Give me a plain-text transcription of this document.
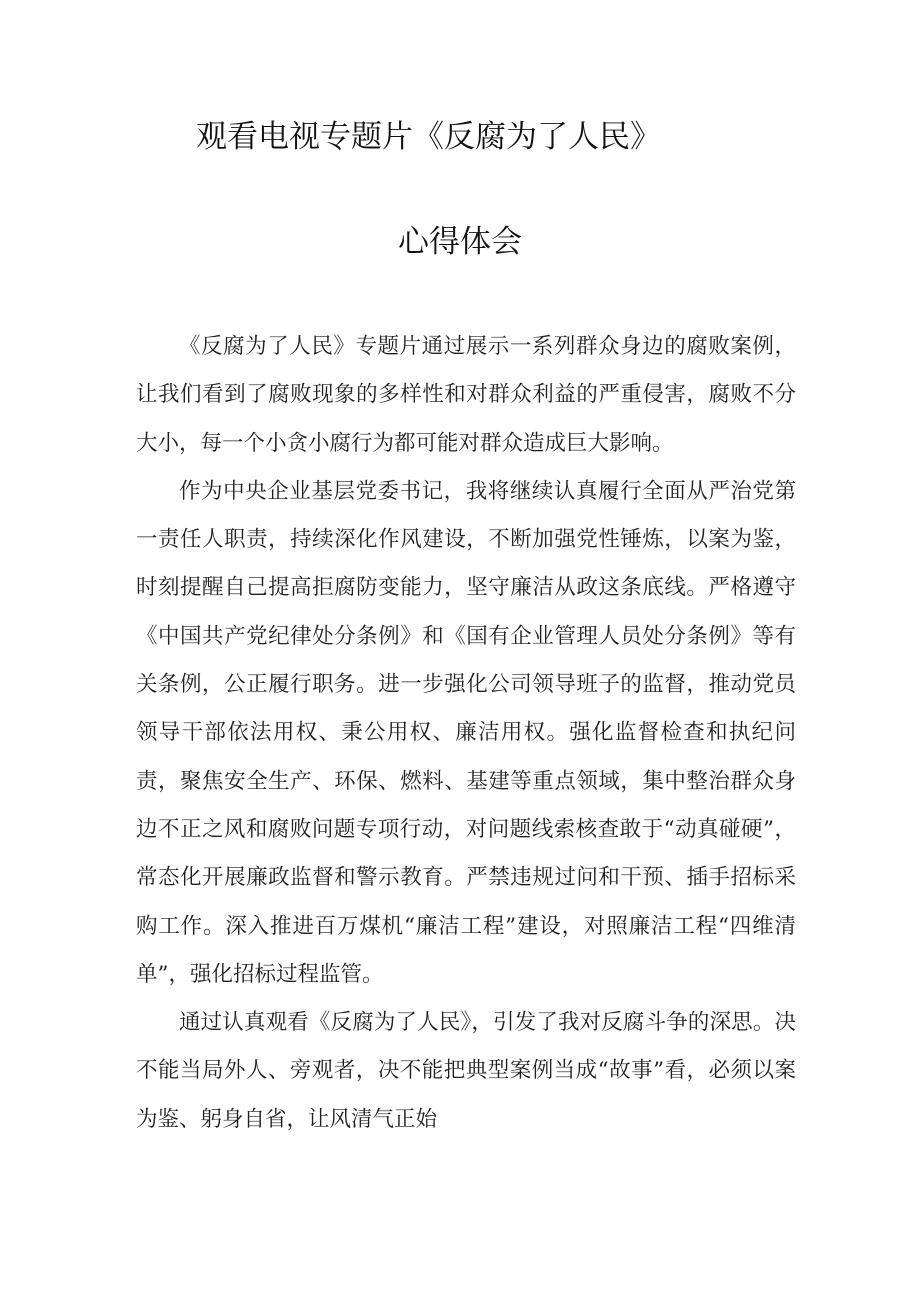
观看电视专题片《反腐为了人民》
心得体会

《反腐为了人民》专题片通过展示一系列群众身边的腐败案例，让我们看到了腐败现象的多样性和对群众利益的严重侵害，腐败不分大小，每一个小贪小腐行为都可能对群众造成巨大影响。

作为中央企业基层党委书记，我将继续认真履行全面从严治党第一责任人职责，持续深化作风建设，不断加强党性锤炼，以案为鉴，时刻提醒自己提高拒腐防变能力，坚守廉洁从政这条底线。严格遵守《中国共产党纪律处分条例》和《国有企业管理人员处分条例》等有关条例，公正履行职务。进一步强化公司领导班子的监督，推动党员领导干部依法用权、秉公用权、廉洁用权。强化监督检查和执纪问责，聚焦安全生产、环保、燃料、基建等重点领域，集中整治群众身边不正之风和腐败问题专项行动，对问题线索核查敢于“动真碰硬”，常态化开展廉政监督和警示教育。严禁违规过问和干预、插手招标采购工作。深入推进百万煤机“廉洁工程”建设，对照廉洁工程“四维清单”，强化招标过程监管。

通过认真观看《反腐为了人民》，引发了我对反腐斗争的深思。决不能当局外人、旁观者，决不能把典型案例当成“故事”看，必须以案为鉴、躬身自省，让风清气正始
